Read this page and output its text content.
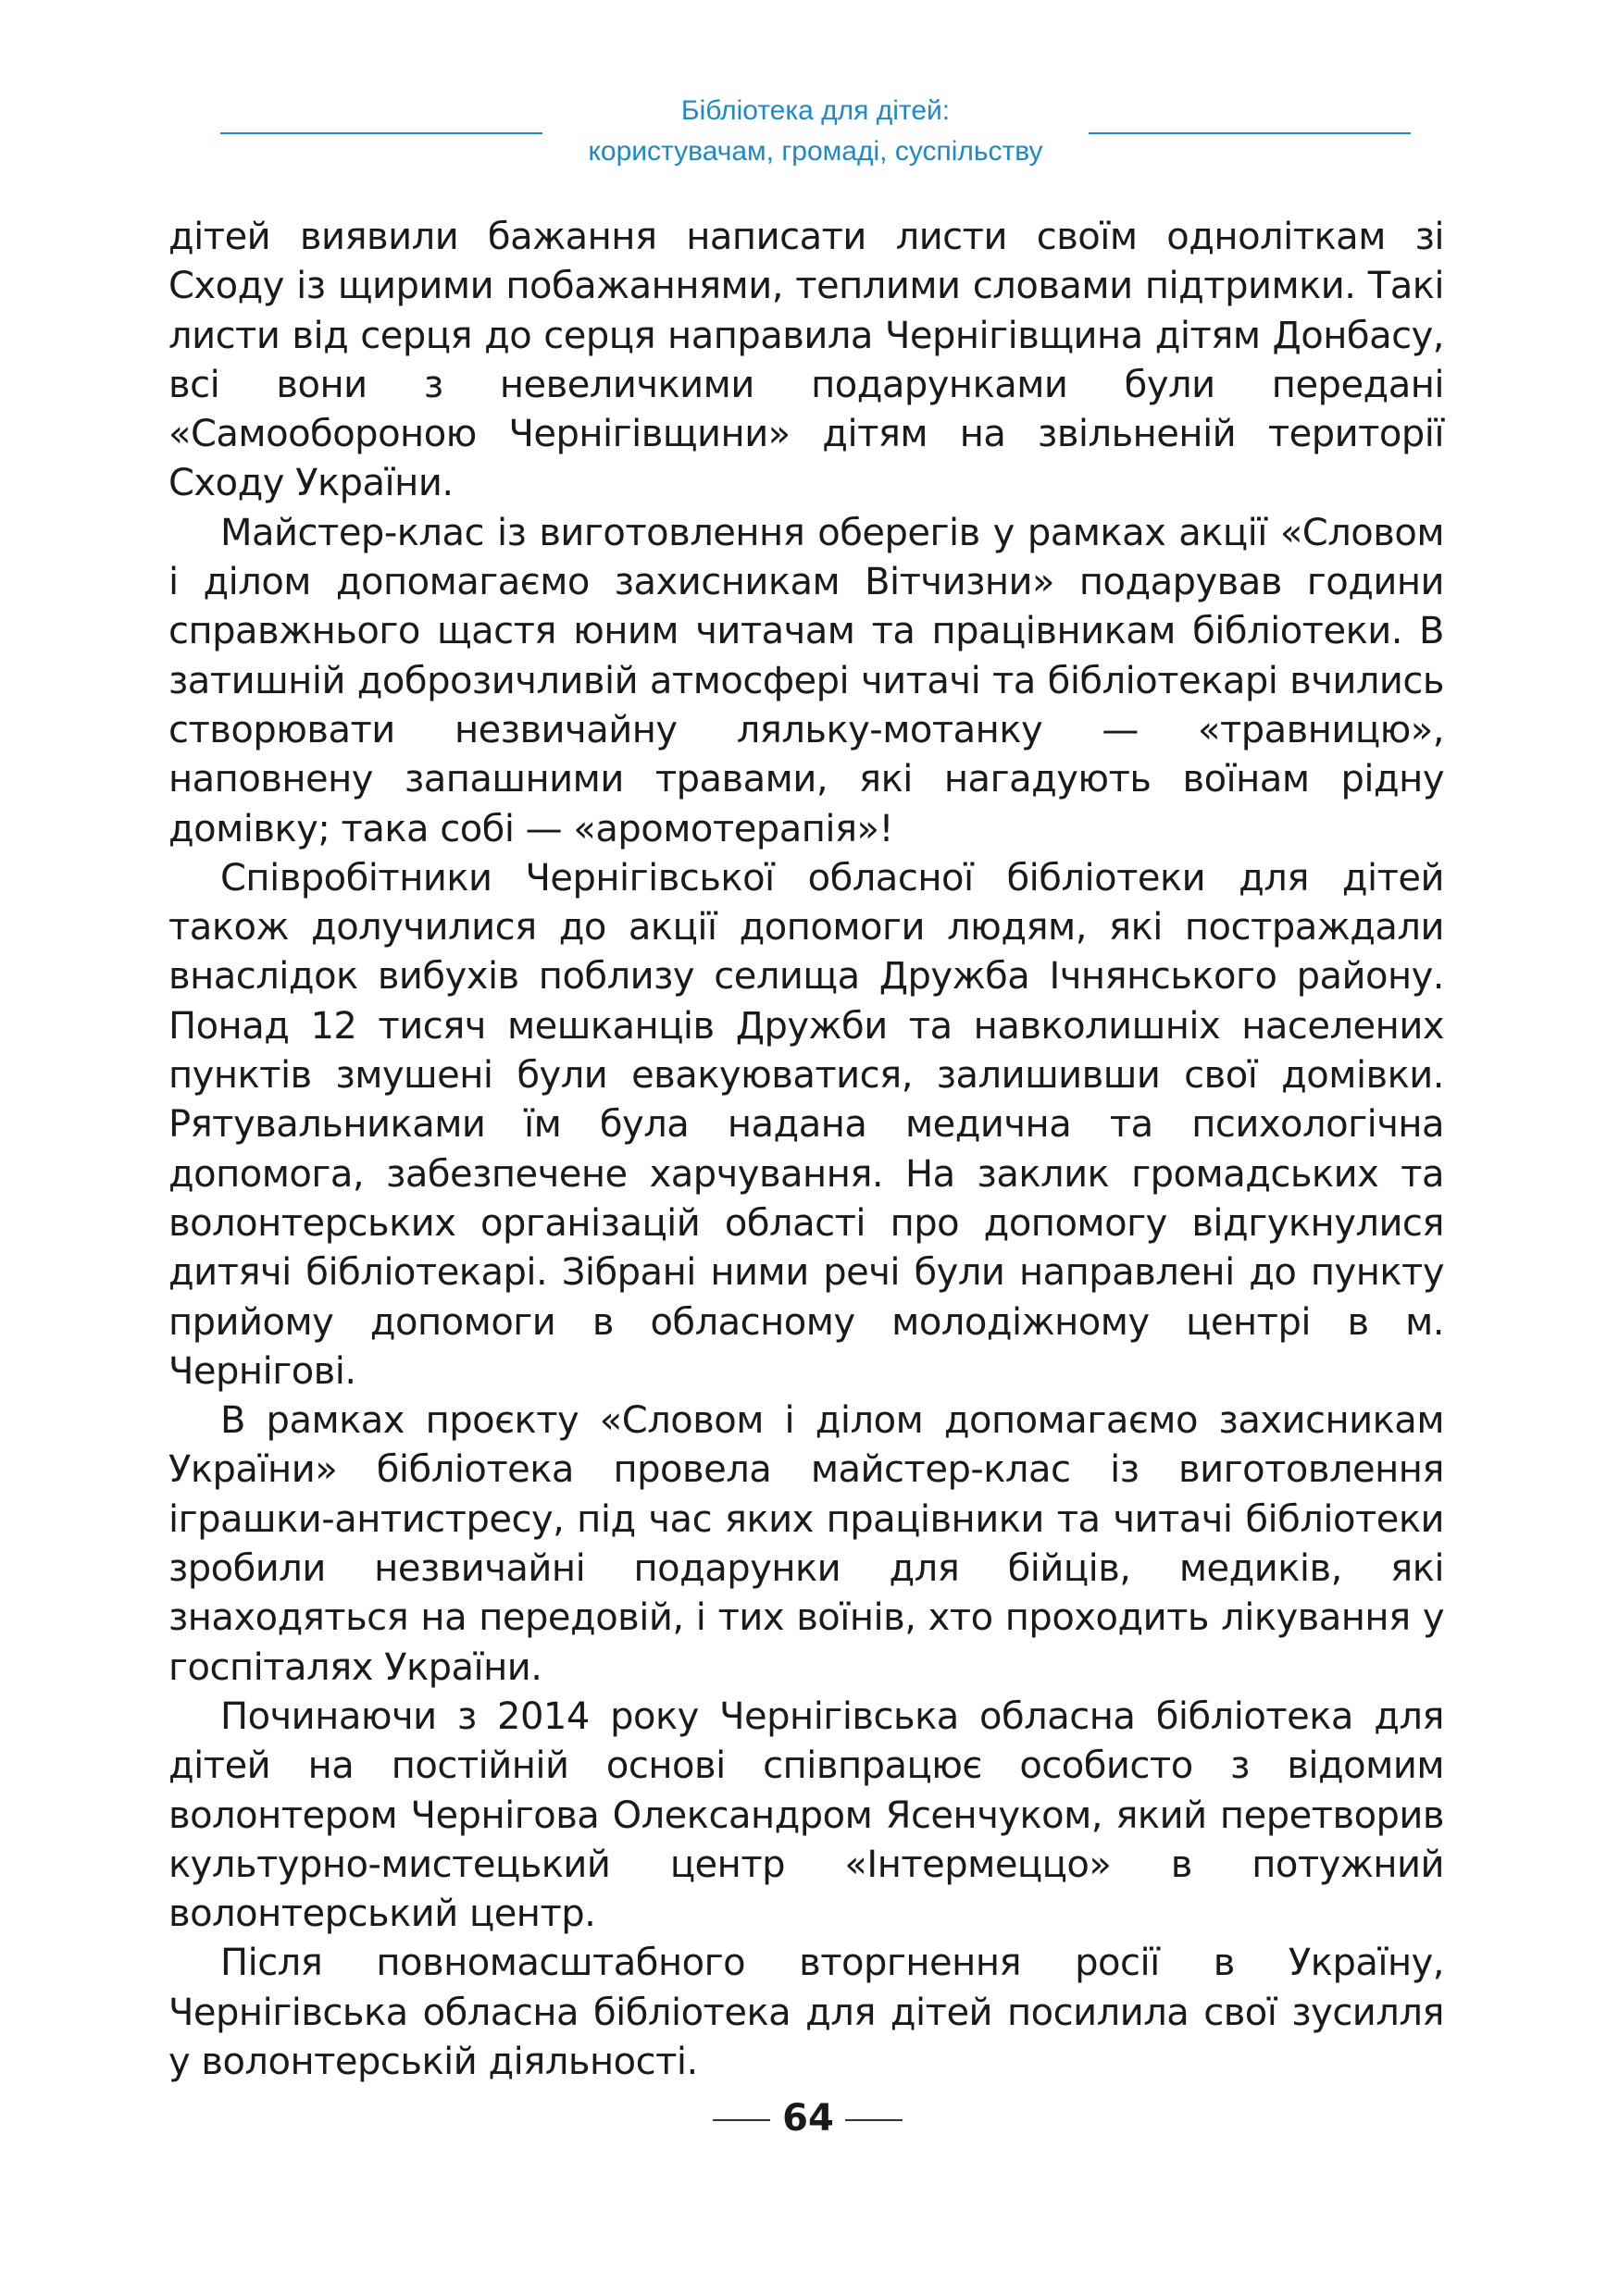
Бібліотека для дітей:
користувачам, громаді, суспільству

дітей виявили бажання написати листи своїм одноліткам зі Сходу із щирими побажаннями, теплими словами підтримки. Такі листи від серця до серця направила Чернігівщина дітям Донбасу, всі вони з невеличкими подарунками були передані «Самообороною Чернігівщини» дітям на звільненій території Сходу України.

Майстер-клас із виготовлення оберегів у рамках акції «Словом і ділом допомагаємо захисникам Вітчизни» подарував години справжнього щастя юним читачам та працівникам бібліотеки. В затишній доброзичливій атмосфері читачі та бібліотекарі вчились створювати незвичайну ляльку-мотанку — «травницю», наповнену запашними травами, які нагадують воїнам рідну домівку; така собі — «аромотерапія»!

Співробітники Чернігівської обласної бібліотеки для дітей також долучилися до акції допомоги людям, які постраждали внаслідок вибухів поблизу селища Дружба Ічнянського району. Понад 12 тисяч мешканців Дружби та навколишніх населених пунктів змушені були евакуюватися, залишивши свої домівки. Рятувальниками їм була надана медична та психологічна допомога, забезпечене харчування. На заклик громадських та волонтерських організацій області про допомогу відгукнулися дитячі бібліотекарі. Зібрані ними речі були направлені до пункту прийому допомоги в обласному молодіжному центрі в м. Чернігові.

В рамках проєкту «Словом і ділом допомагаємо захисникам України» бібліотека провела майстер-клас із виготовлення іграшки-антистресу, під час яких працівники та читачі бібліотеки зробили незвичайні подарунки для бійців, медиків, які знаходяться на передовій, і тих воїнів, хто проходить лікування у госпіталях України.

Починаючи з 2014 року Чернігівська обласна бібліотека для дітей на постійній основі співпрацює особисто з відомим волонтером Чернігова Олександром Ясенчуком, який перетворив культурно-мистецький центр «Інтермеццо» в потужний волонтерський центр.

Після повномасштабного вторгнення росії в Україну, Чернігівська обласна бібліотека для дітей посилила свої зусилля у волонтерській діяльності.

64
